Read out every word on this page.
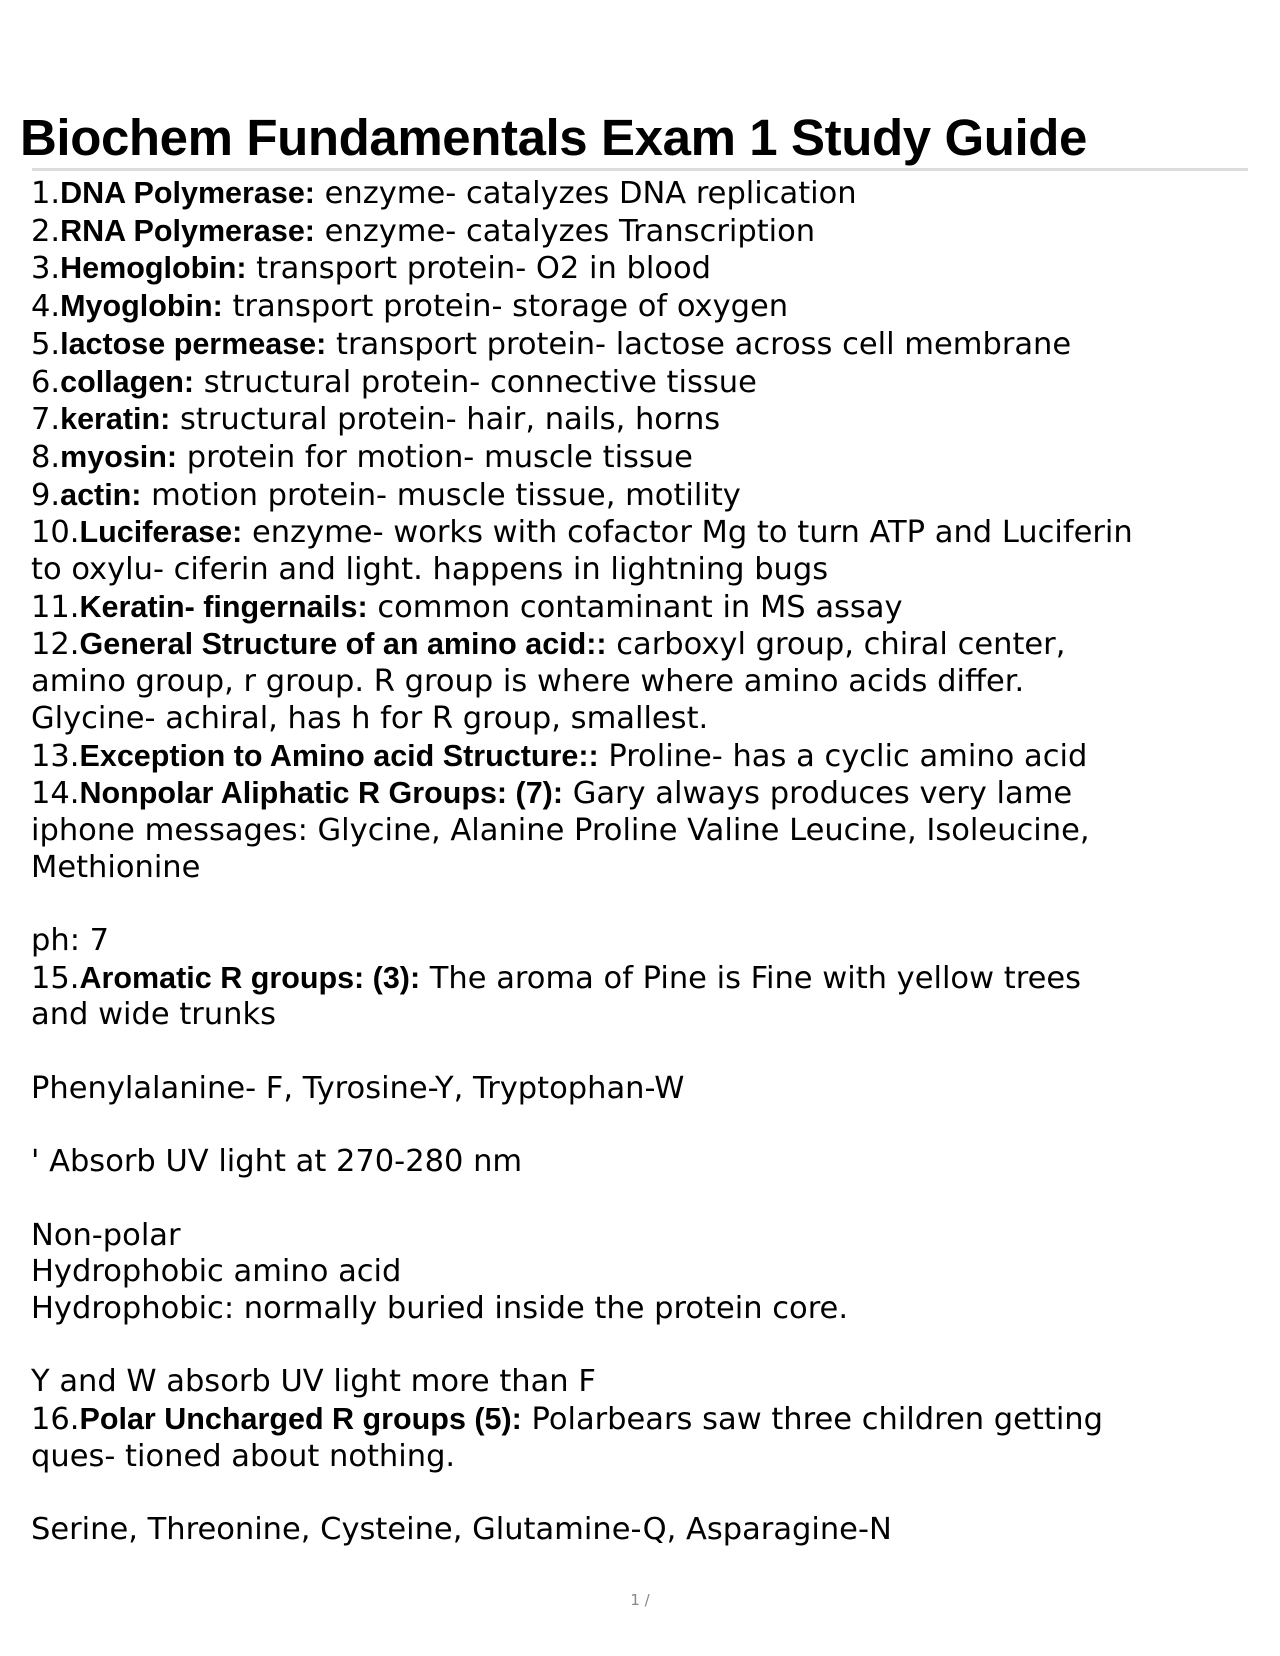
Biochem Fundamentals Exam 1 Study Guide
1.DNA Polymerase: enzyme- catalyzes DNA replication
2.RNA Polymerase: enzyme- catalyzes Transcription
3.Hemoglobin: transport protein- O2 in blood
4.Myoglobin: transport protein- storage of oxygen
5.lactose permease: transport protein- lactose across cell membrane
6.collagen: structural protein- connective tissue
7.keratin: structural protein- hair, nails, horns
8.myosin: protein for motion- muscle tissue
9.actin: motion protein- muscle tissue, motility
10.Luciferase: enzyme- works with cofactor Mg to turn ATP and Luciferin
to oxylu- ciferin and light. happens in lightning bugs
11.Keratin- fingernails: common contaminant in MS assay
12.General Structure of an amino acid:: carboxyl group, chiral center,
amino group, r group. R group is where where amino acids differ.
Glycine- achiral, has h for R group, smallest.
13.Exception to Amino acid Structure:: Proline- has a cyclic amino acid
14.Nonpolar Aliphatic R Groups: (7): Gary always produces very lame
iphone messages: Glycine, Alanine Proline Valine Leucine, Isoleucine,
Methionine
ph: 7
15.Aromatic R groups: (3): The aroma of Pine is Fine with yellow trees
and wide trunks
Phenylalanine- F, Tyrosine-Y, Tryptophan-W
' Absorb UV light at 270-280 nm
Non-polar
Hydrophobic amino acid
Hydrophobic: normally buried inside the protein core.
Y and W absorb UV light more than F
16.Polar Uncharged R groups (5): Polarbears saw three children getting
ques- tioned about nothing.
Serine, Threonine, Cysteine, Glutamine-Q, Asparagine-N
1 /
